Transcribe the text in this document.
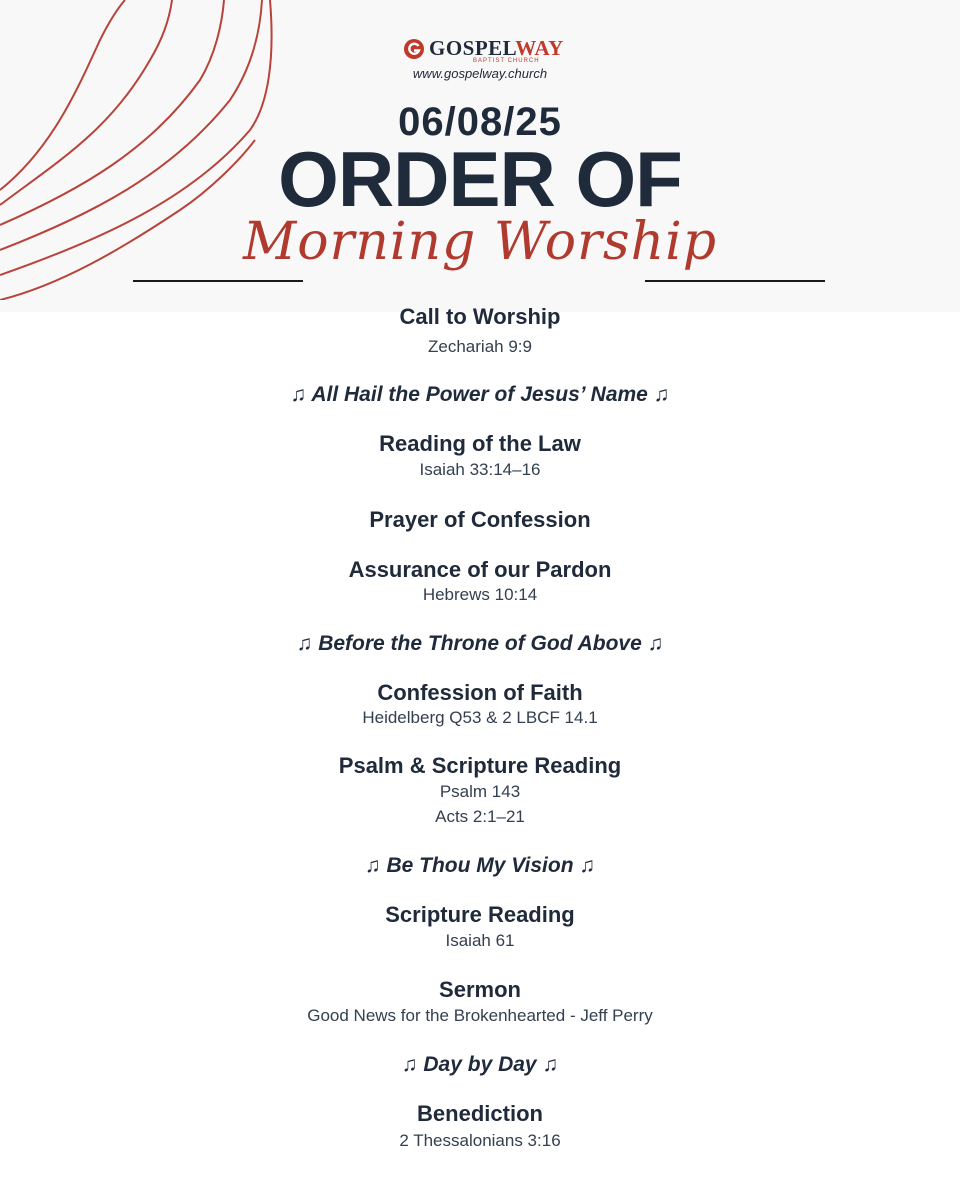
GOSPELWAY
BAPTIST CHURCH
www.gospelway.church
06/08/25
ORDER OF
Morning Worship
Call to Worship
Zechariah 9:9
♫ All Hail the Power of Jesus’ Name ♫
Reading of the Law
Isaiah 33:14–16
Prayer of Confession
Assurance of our Pardon
Hebrews 10:14
♫ Before the Throne of God Above ♫
Confession of Faith
Heidelberg Q53 & 2 LBCF 14.1
Psalm & Scripture Reading
Psalm 143
Acts 2:1–21
♫ Be Thou My Vision ♫
Scripture Reading
Isaiah 61
Sermon
Good News for the Brokenhearted - Jeff Perry
♫ Day by Day ♫
Benediction
2 Thessalonians 3:16
